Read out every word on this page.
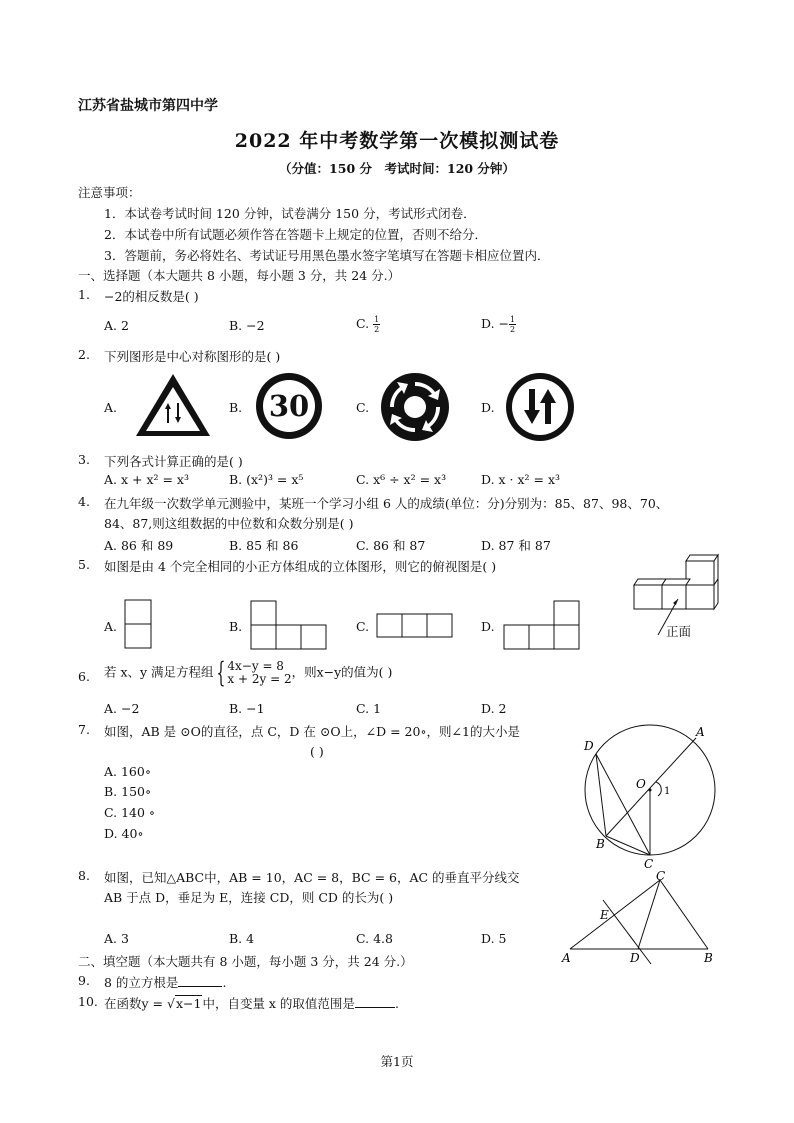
江苏省盐城市第四中学
2022 年中考数学第一次模拟测试卷
（分值：150 分　考试时间：120 分钟）
注意事项：
1．本试卷考试时间 120 分钟，试卷满分 150 分，考试形式闭卷．
2．本试卷中所有试题必须作答在答题卡上规定的位置，否则不给分．
3．答题前，务必将姓名、考试证号用黑色墨水签字笔填写在答题卡相应位置内．
一、选择题（本大题共 8 小题，每小题 3 分，共 24 分.）
1. −2的相反数是( )
A. 2	B. −2	C. $\frac{1}{2}$	D. − $\frac{1}{2}$
2. 下列图形是中心对称图形的是( )
A.	B. 30	C.	D.
3. 下列各式计算正确的是( )
A. x + x² = x³	B. (x²)³ = x⁵	C. x⁶ ÷ x² = x³	D. x · x² = x³
4. 在九年级一次数学单元测验中，某班一个学习小组 6 人的成绩(单位：分)分别为：85、87、98、70、
84、87,则这组数据的中位数和众数分别是( )
A. 86 和 89	B. 85 和 86	C. 86 和 87	D. 87 和 87
5. 如图是由 4 个完全相同的小正方体组成的立体图形，则它的俯视图是( )
A.	B.	C.	D.	正面
6. 若 x、y 满足方程组{ 4x−y = 8
x + 2y = 2 ，则x−y的值为( )
A. −2	B. −1	C. 1	D. 2
7. 如图，AB 是 ⊙O的直径，点 C，D 在 ⊙O上，∠D = 20∘，则∠1的大小是
( )
A. 160∘
B. 150∘
C. 140 ∘
D. 40∘
A
B
C
D
O
1
8. 如图，已知△ABC中，AB = 10，AC = 8，BC = 6，AC 的垂直平分线交
AB 于点 D，垂足为 E，连接 CD，则 CD 的长为( )
A. 3	B. 4	C. 4.8	D. 5
A	B
C
D
E
二、填空题（本大题共有 8 小题，每小题 3 分，共 24 分.）
9. 8 的立方根是	.
10. 在函数y = √x−1中，自变量 x 的取值范围是	.
第1页
